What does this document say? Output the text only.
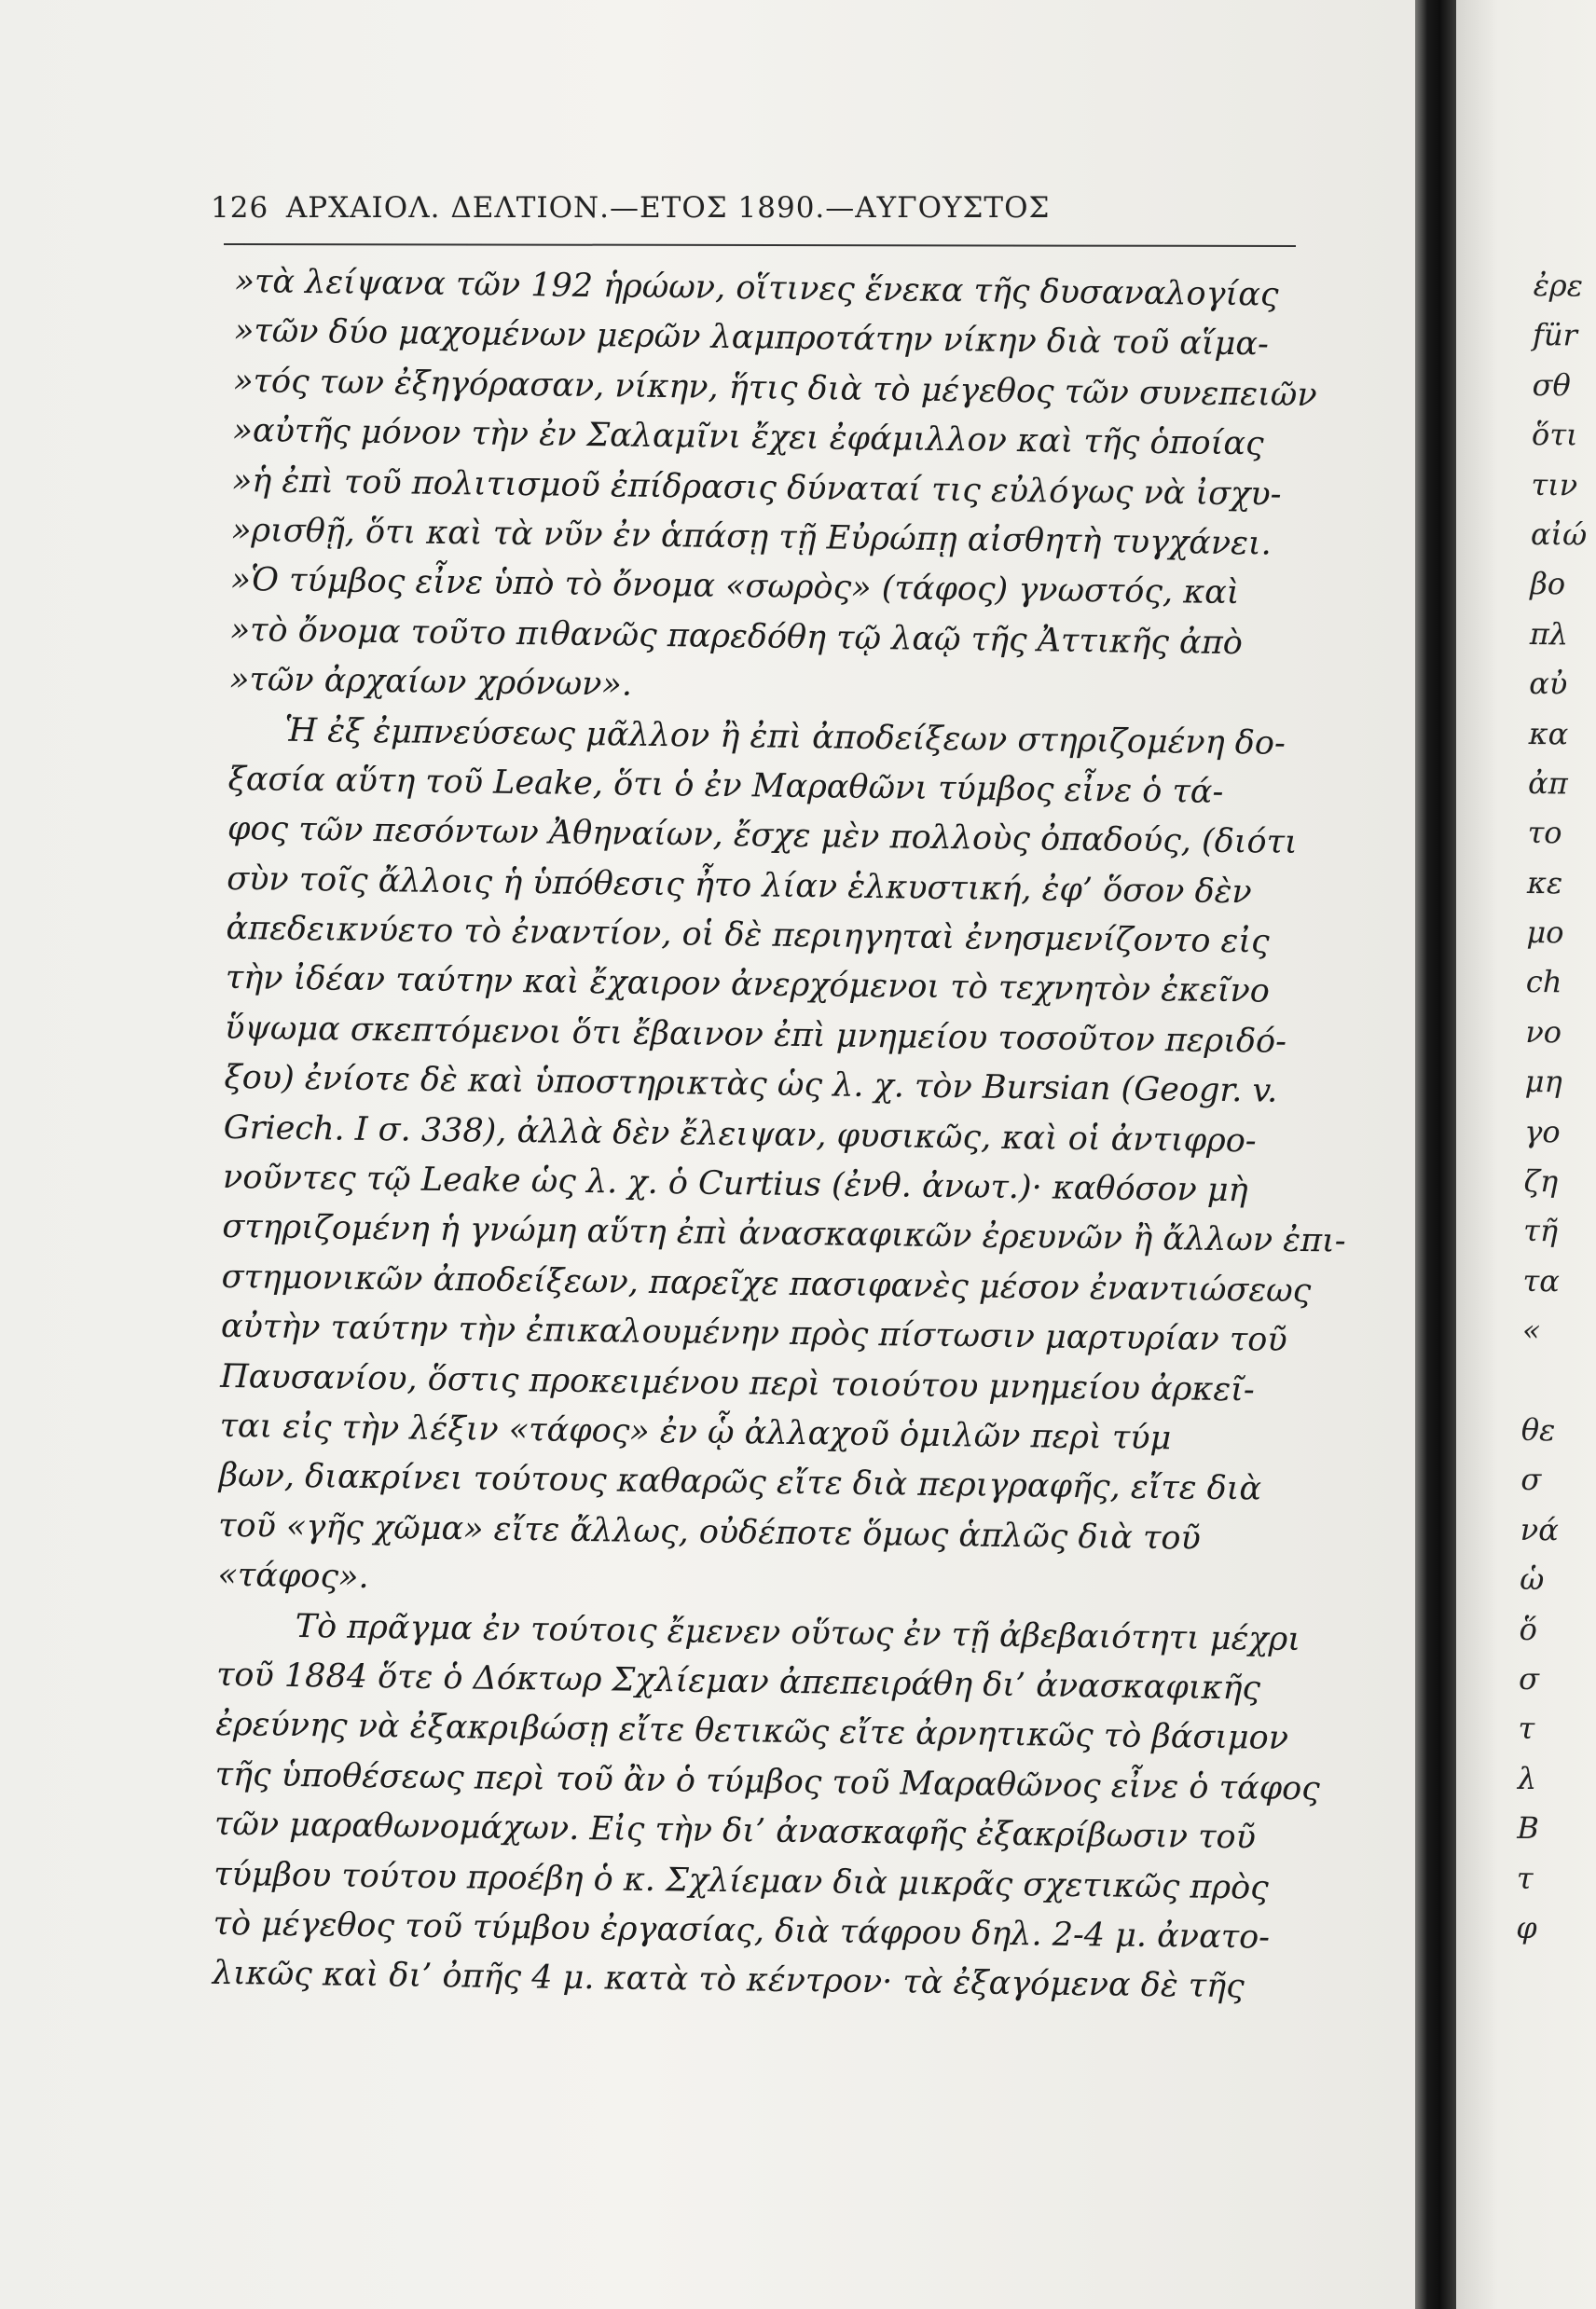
126 ΑΡΧΑΙΟΛ. ΔΕΛΤΙΟΝ.—ΕΤΟΣ 1890.—ΑΥΓΟΥΣΤΟΣ
»τὰ λείψανα τῶν 192 ἡρώων, οἵτινες ἕνεκα τῆς δυσαναλογίας
»τῶν δύο μαχομένων μερῶν λαμπροτάτην νίκην διὰ τοῦ αἵμα-
»τός των ἐξηγόρασαν, νίκην, ἥτις διὰ τὸ μέγεθος τῶν συνεπειῶν
»αὐτῆς μόνον τὴν ἐν Σαλαμῖνι ἔχει ἐφάμιλλον καὶ τῆς ὁποίας
»ἡ ἐπὶ τοῦ πολιτισμοῦ ἐπίδρασις δύναταί τις εὐλόγως νὰ ἰσχυ-
»ρισθῇ, ὅτι καὶ τὰ νῦν ἐν ἁπάσῃ τῇ Εὐρώπῃ αἰσθητὴ τυγχάνει.
»Ὁ τύμβος εἶνε ὑπὸ τὸ ὄνομα «σωρὸς» (τάφος) γνωστός, καὶ
»τὸ ὄνομα τοῦτο πιθανῶς παρεδόθη τῷ λαῷ τῆς Ἀττικῆς ἀπὸ
»τῶν ἀρχαίων χρόνων».
Ἡ ἐξ ἐμπνεύσεως μᾶλλον ἢ ἐπὶ ἀποδείξεων στηριζομένη δο-
ξασία αὕτη τοῦ Leake, ὅτι ὁ ἐν Μαραθῶνι τύμβος εἶνε ὁ τά-
φος τῶν πεσόντων Ἀθηναίων, ἔσχε μὲν πολλοὺς ὀπαδούς, (διότι
σὺν τοῖς ἄλλοις ἡ ὑπόθεσις ἦτο λίαν ἑλκυστική, ἐφ’ ὅσον δὲν
ἀπεδεικνύετο τὸ ἐναντίον, οἱ δὲ περιηγηταὶ ἐνησμενίζοντο εἰς
τὴν ἰδέαν ταύτην καὶ ἔχαιρον ἀνερχόμενοι τὸ τεχνητὸν ἐκεῖνο
ὕψωμα σκεπτόμενοι ὅτι ἔβαινον ἐπὶ μνημείου τοσοῦτον περιδό-
ξου) ἐνίοτε δὲ καὶ ὑποστηρικτὰς ὡς λ. χ. τὸν Bursian (Geogr. v.
Griech. I σ. 338), ἀλλὰ δὲν ἔλειψαν, φυσικῶς, καὶ οἱ ἀντιφρο-
νοῦντες τῷ Leake ὡς λ. χ. ὁ Curtius (ἐνθ. ἀνωτ.)· καθόσον μὴ
στηριζομένη ἡ γνώμη αὕτη ἐπὶ ἀνασκαφικῶν ἐρευνῶν ἢ ἄλλων ἐπι-
στημονικῶν ἀποδείξεων, παρεῖχε πασιφανὲς μέσον ἐναντιώσεως
αὐτὴν ταύτην τὴν ἐπικαλουμένην πρὸς πίστωσιν μαρτυρίαν τοῦ
Παυσανίου, ὅστις προκειμένου περὶ τοιούτου μνημείου ἀρκεῖ-
ται εἰς τὴν λέξιν «τάφος» ἐν ᾧ ἀλλαχοῦ ὁμιλῶν περὶ τύμ
βων, διακρίνει τούτους καθαρῶς εἴτε διὰ περιγραφῆς, εἴτε διὰ
τοῦ «γῆς χῶμα» εἴτε ἄλλως, οὐδέποτε ὅμως ἁπλῶς διὰ τοῦ
«τάφος».
Τὸ πρᾶγμα ἐν τούτοις ἔμενεν οὕτως ἐν τῇ ἀβεβαιότητι μέχρι
τοῦ 1884 ὅτε ὁ Δόκτωρ Σχλίεμαν ἀπεπειράθη δι’ ἀνασκαφικῆς
ἐρεύνης νὰ ἐξακριβώσῃ εἴτε θετικῶς εἴτε ἀρνητικῶς τὸ βάσιμον
τῆς ὑποθέσεως περὶ τοῦ ἂν ὁ τύμβος τοῦ Μαραθῶνος εἶνε ὁ τάφος
τῶν μαραθωνομάχων. Εἰς τὴν δι’ ἀνασκαφῆς ἐξακρίβωσιν τοῦ
τύμβου τούτου προέβη ὁ κ. Σχλίεμαν διὰ μικρᾶς σχετικῶς πρὸς
τὸ μέγεθος τοῦ τύμβου ἐργασίας, διὰ τάφρου δηλ. 2-4 μ. ἀνατο-
λικῶς καὶ δι’ ὀπῆς 4 μ. κατὰ τὸ κέντρον· τὰ ἐξαγόμενα δὲ τῆς
ἐρε
für
σθ
ὅτι
τιν
αἰώ
βο
πλ
αὐ
κα
ἀπ
το
κε
μο
ch
νο
μη
γο
ζη
τῆ
τα
«
θε
σ
νά
ὡ
ὅ
σ
τ
λ
B
τ
φ
